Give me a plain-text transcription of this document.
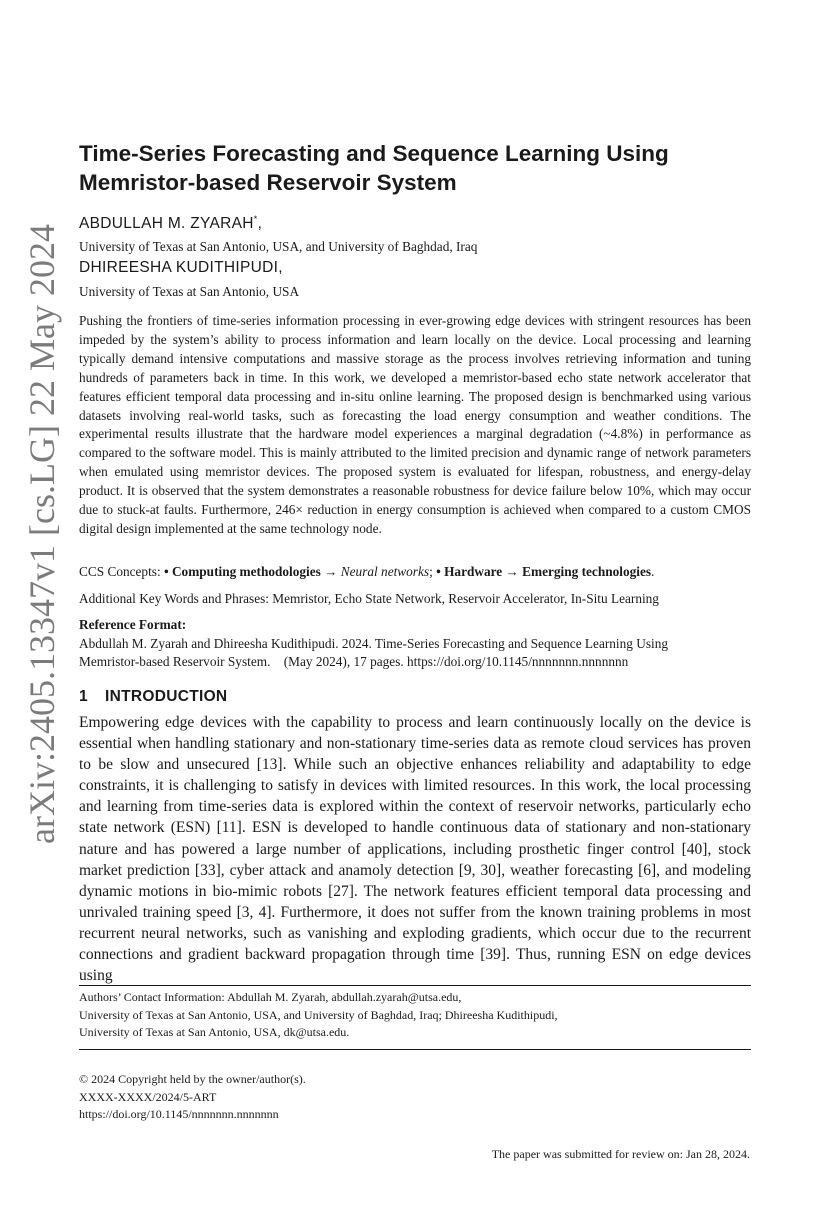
arXiv:2405.13347v1 [cs.LG] 22 May 2024
Time-Series Forecasting and Sequence Learning Using Memristor-based Reservoir System
ABDULLAH M. ZYARAH*,
University of Texas at San Antonio, USA, and University of Baghdad, Iraq
DHIREESHA KUDITHIPUDI,
University of Texas at San Antonio, USA

Pushing the frontiers of time-series information processing in ever-growing edge devices with stringent resources has been impeded by the system’s ability to process information and learn locally on the device. Local processing and learning typically demand intensive computations and massive storage as the process involves retrieving information and tuning hundreds of parameters back in time. In this work, we developed a memristor-based echo state network accelerator that features efficient temporal data processing and in-situ online learning. The proposed design is benchmarked using various datasets involving real-world tasks, such as forecasting the load energy consumption and weather conditions. The experimental results illustrate that the hardware model experiences a marginal degradation (~4.8%) in performance as compared to the software model. This is mainly attributed to the limited precision and dynamic range of network parameters when emulated using memristor devices. The proposed system is evaluated for lifespan, robustness, and energy-delay product. It is observed that the system demonstrates a reasonable robustness for device failure below 10%, which may occur due to stuck-at faults. Furthermore, 246× reduction in energy consumption is achieved when compared to a custom CMOS digital design implemented at the same technology node.

CCS Concepts: • Computing methodologies → Neural networks; • Hardware → Emerging technologies.
Additional Key Words and Phrases: Memristor, Echo State Network, Reservoir Accelerator, In-Situ Learning
Reference Format:
Abdullah M. Zyarah and Dhireesha Kudithipudi. 2024. Time-Series Forecasting and Sequence Learning Using
Memristor-based Reservoir System.    (May 2024), 17 pages. https://doi.org/10.1145/nnnnnnn.nnnnnnn
1 INTRODUCTION

Empowering edge devices with the capability to process and learn continuously locally on the device is essential when handling stationary and non-stationary time-series data as remote cloud services has proven to be slow and unsecured [13]. While such an objective enhances reliability and adaptability to edge constraints, it is challenging to satisfy in devices with limited resources. In this work, the local processing and learning from time-series data is explored within the context of reservoir networks, particularly echo state network (ESN) [11]. ESN is developed to handle continuous data of stationary and non-stationary nature and has powered a large number of applications, including prosthetic finger control [40], stock market prediction [33], cyber attack and anamoly detection [9, 30], weather forecasting [6], and modeling dynamic motions in bio-mimic robots [27]. The network features efficient temporal data processing and unrivaled training speed [3, 4]. Furthermore, it does not suffer from the known training problems in most recurrent neural networks, such as vanishing and exploding gradients, which occur due to the recurrent connections and gradient backward propagation through time [39]. Thus, running ESN on edge devices using

Authors’ Contact Information: Abdullah M. Zyarah, abdullah.zyarah@utsa.edu,
University of Texas at San Antonio, USA, and University of Baghdad, Iraq; Dhireesha Kudithipudi,
University of Texas at San Antonio, USA, dk@utsa.edu.
© 2024 Copyright held by the owner/author(s).
XXXX-XXXX/2024/5-ART
https://doi.org/10.1145/nnnnnnn.nnnnnnn
The paper was submitted for review on: Jan 28, 2024.
